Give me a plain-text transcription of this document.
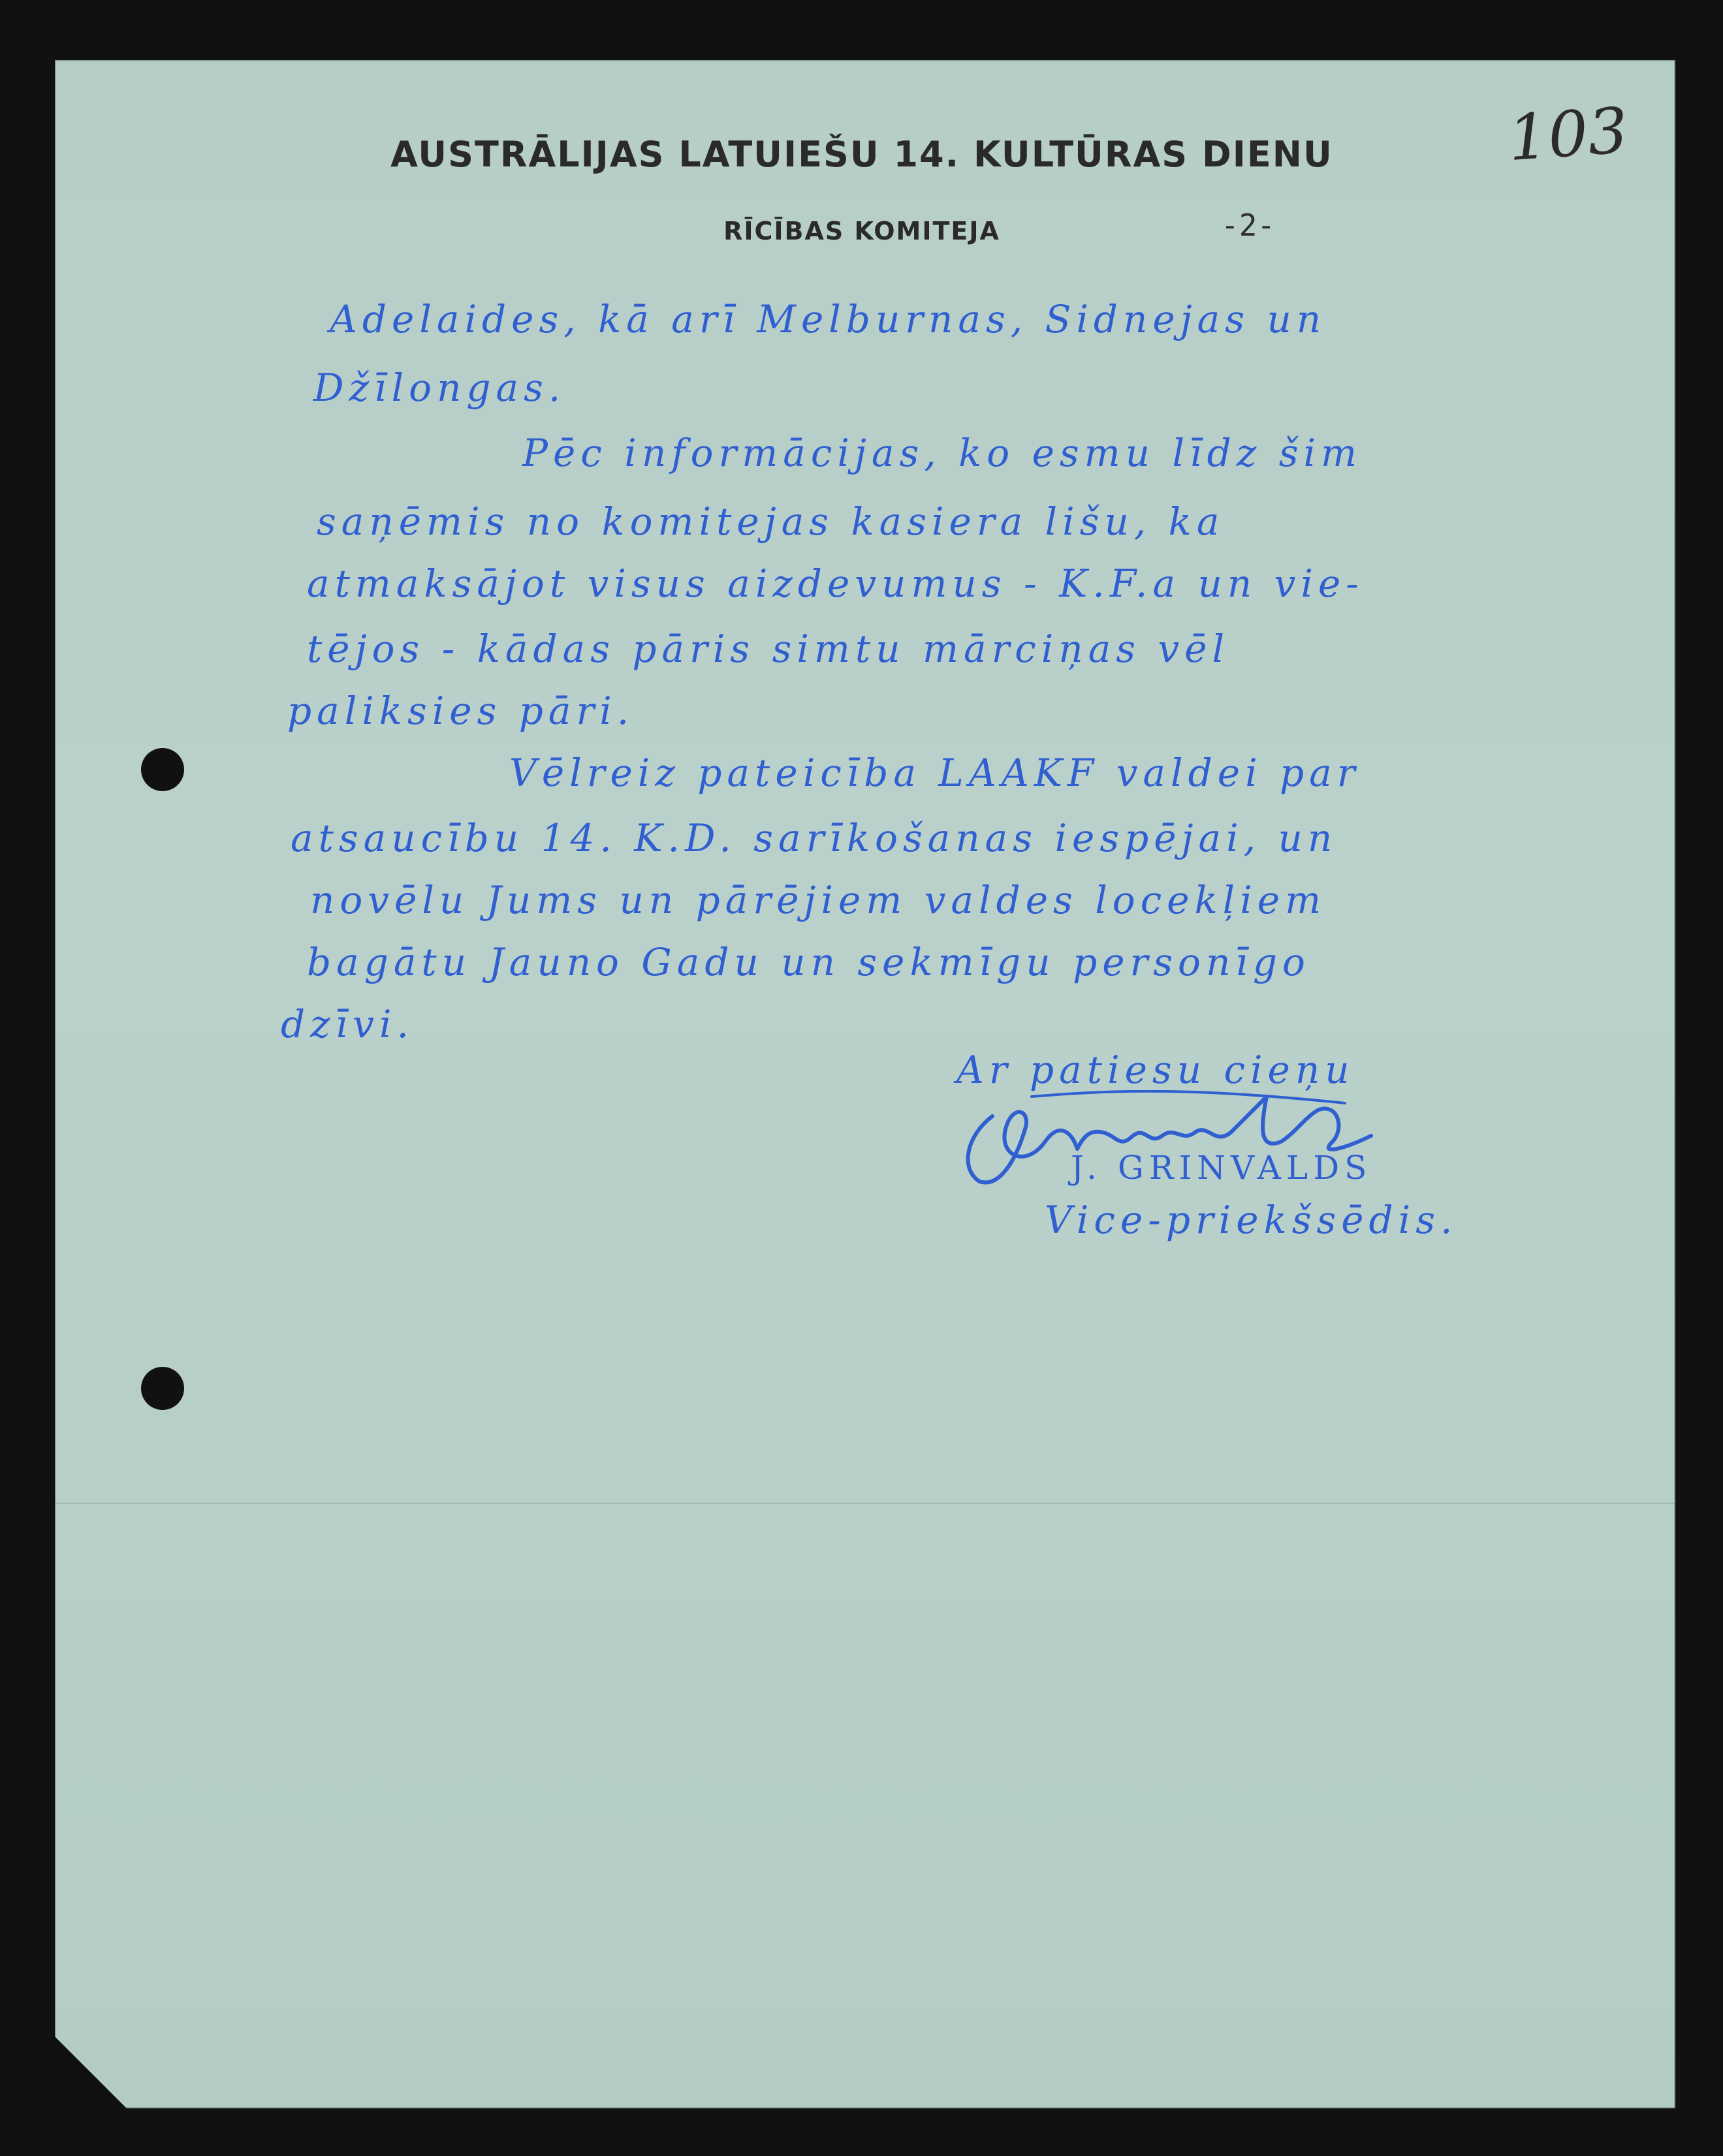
AUSTRĀLIJAS LATUIEŠU 14. KULTŪRAS DIENU
RĪCĪBAS KOMITEJA	-2-
103
Adelaides, kā arī Melburnas, Sidnejas un
Džīlongas.
Pēc informācijas, ko esmu līdz šim
saņēmis no komitejas kasiera lišu, ka
atmaksājot visus aizdevumus - K.F.a un vie-
tējos - kādas pāris simtu mārciņas vēl
paliksies pāri.
Vēlreiz pateicība LAAKF valdei par
atsaucību 14. K.D. sarīkošanas iespējai, un
novēlu Jums un pārējiem valdes locekļiem
bagātu Jauno Gadu un sekmīgu personīgo
dzīvi.
Ar patiesu cieņu
J. GRINVALDS
Vice-priekšsēdis.
